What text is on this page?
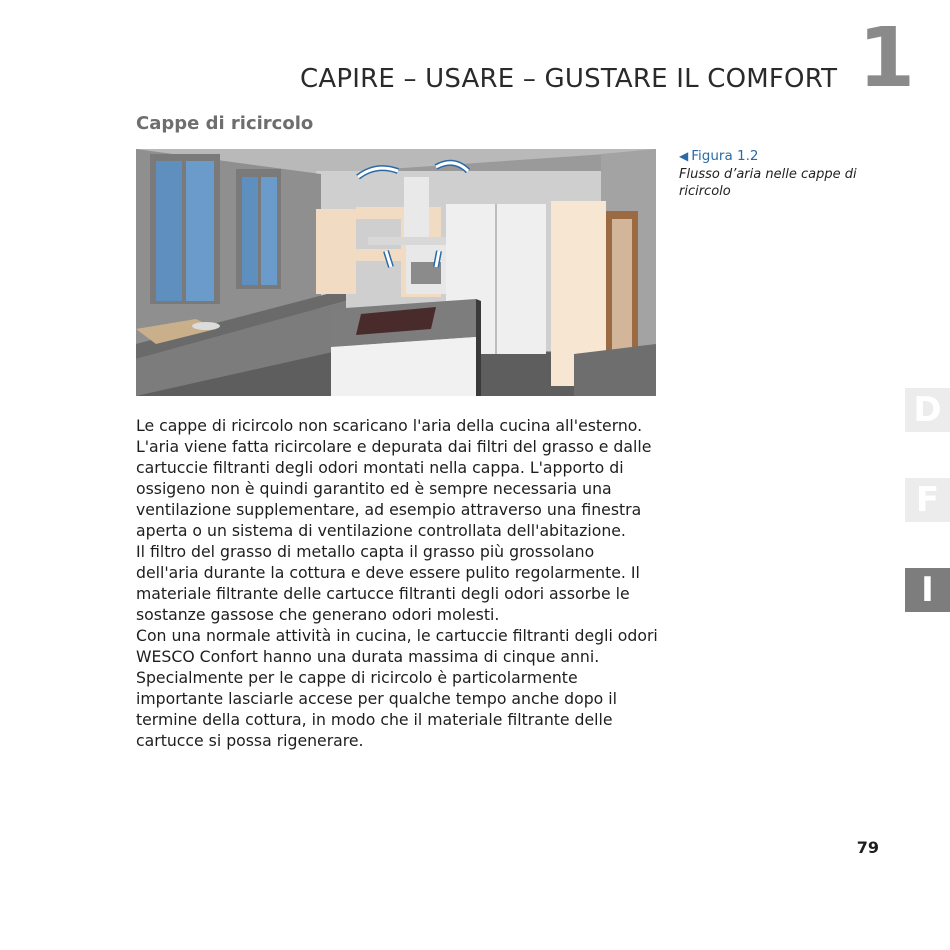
CAPIRE – USARE – GUSTARE IL COMFORT 1
Cappe di ricircolo
◀ Figura 1.2
Flusso d’aria nelle cappe di ricircolo

Le cappe di ricircolo non scaricano l'aria della cucina all'esterno. L'aria viene fatta ricircolare e depurata dai filtri del grasso e dalle cartuccie filtranti degli odori montati nella cappa. L'apporto di ossigeno non è quindi garantito ed è sempre necessaria una ventilazione supplementare, ad esempio attraverso una finestra aperta o un sistema di ventilazione controllata dell'abitazione.

Il filtro del grasso di metallo capta il grasso più grossolano dell'aria durante la cottura e deve essere pulito regolarmente. Il materiale filtrante delle cartucce filtranti degli odori assorbe le sostanze gassose che generano odori molesti.

Con una normale attività in cucina, le cartuccie filtranti degli odori WESCO Confort hanno una durata massima di cinque anni. Specialmente per le cappe di ricircolo è particolarmente importante lasciarle accese per qualche tempo anche dopo il termine della cottura, in modo che il materiale filtrante delle cartucce si possa rigenerare.

D
F
I
79
